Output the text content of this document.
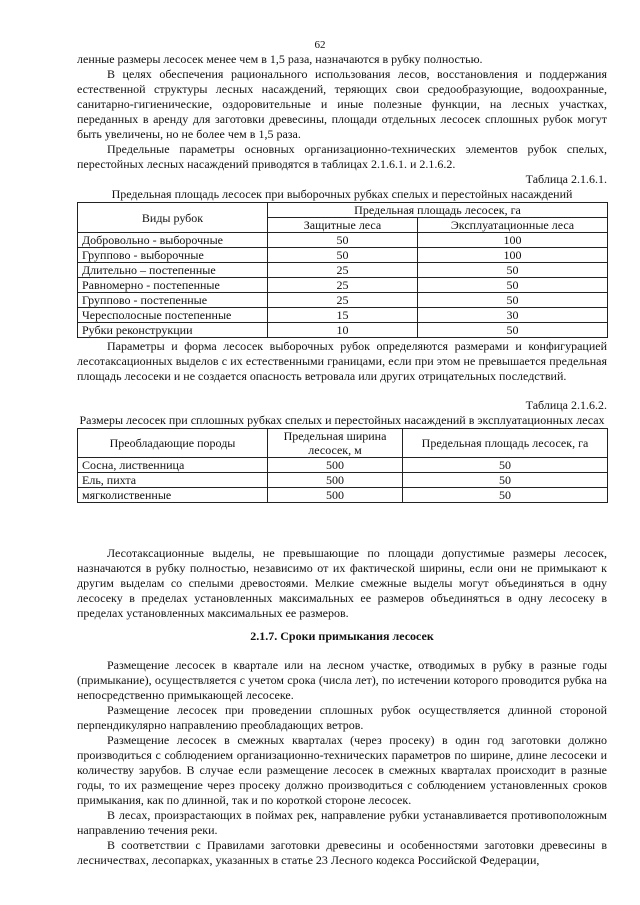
62

ленные размеры лесосек менее чем в 1,5 раза, назначаются в рубку полностью.

В целях обеспечения рационального использования лесов, восстановления и поддержания естественной структуры лесных насаждений, теряющих свои средообразующие, водоохранные, санитарно-гигиенические, оздоровительные и иные полезные функции, на лесных участках, переданных в аренду для заготовки древесины, площади отдельных лесосек сплошных рубок могут быть увеличены, но не более чем в 1,5 раза.

Предельные параметры основных организационно-технических элементов рубок спелых, перестойных лесных насаждений приводятся в таблицах 2.1.6.1. и 2.1.6.2.

Таблица 2.1.6.1.

Предельная площадь лесосек при выборочных рубках спелых и перестойных насаждений

Виды рубок	Предельная площадь лесосек, га	
	Защитные леса	Эксплуатационные леса
Добровольно - выборочные	50	100
Группово - выборочные	50	100
Длительно – постепенные	25	50
Равномерно - постепенные	25	50
Группово - постепенные	25	50
Чересполосные постепенные	15	30
Рубки реконструкции	10	50

Параметры и форма лесосек выборочных рубок определяются размерами и конфигурацией лесотаксационных выделов с их естественными границами, если при этом не превышается предельная площадь лесосеки и не создается опасность ветровала или других отрицательных последствий.

Таблица 2.1.6.2.

Размеры лесосек при сплошных рубках спелых и перестойных насаждений в эксплуатационных лесах

Преобладающие породы	Предельная ширина лесосек, м	Предельная площадь лесосек, га
Сосна, лиственница	500	50
Ель, пихта	500	50
мягколиственные	500	50

Лесотаксационные выделы, не превышающие по площади допустимые размеры лесосек, назначаются в рубку полностью, независимо от их фактической ширины, если они не примыкают к другим выделам со спелыми древостоями. Мелкие смежные выделы могут объединяться в одну лесосеку в пределах установленных максимальных ее размеров объединяться в одну лесосеку в пределах установленных максимальных ее размеров.

2.1.7. Сроки примыкания лесосек

Размещение лесосек в квартале или на лесном участке, отводимых в рубку в разные годы (примыкание), осуществляется с учетом срока (числа лет), по истечении которого проводится рубка на непосредственно примыкающей лесосеке.

Размещение лесосек при проведении сплошных рубок осуществляется длинной стороной перпендикулярно направлению преобладающих ветров.

Размещение лесосек в смежных кварталах (через просеку) в один год заготовки должно производиться с соблюдением организационно-технических параметров по ширине, длине лесосеки и количеству зарубов. В случае если размещение лесосек в смежных кварталах происходит в разные годы, то их размещение через просеку должно производиться с соблюдением установленных сроков примыкания, как по длинной, так и по короткой стороне лесосек.

В лесах, произрастающих в поймах рек, направление рубки устанавливается противоположным направлению течения реки.

В соответствии с Правилами заготовки древесины и особенностями заготовки древесины в лесничествах, лесопарках, указанных в статье 23 Лесного кодекса Российской Федерации,
